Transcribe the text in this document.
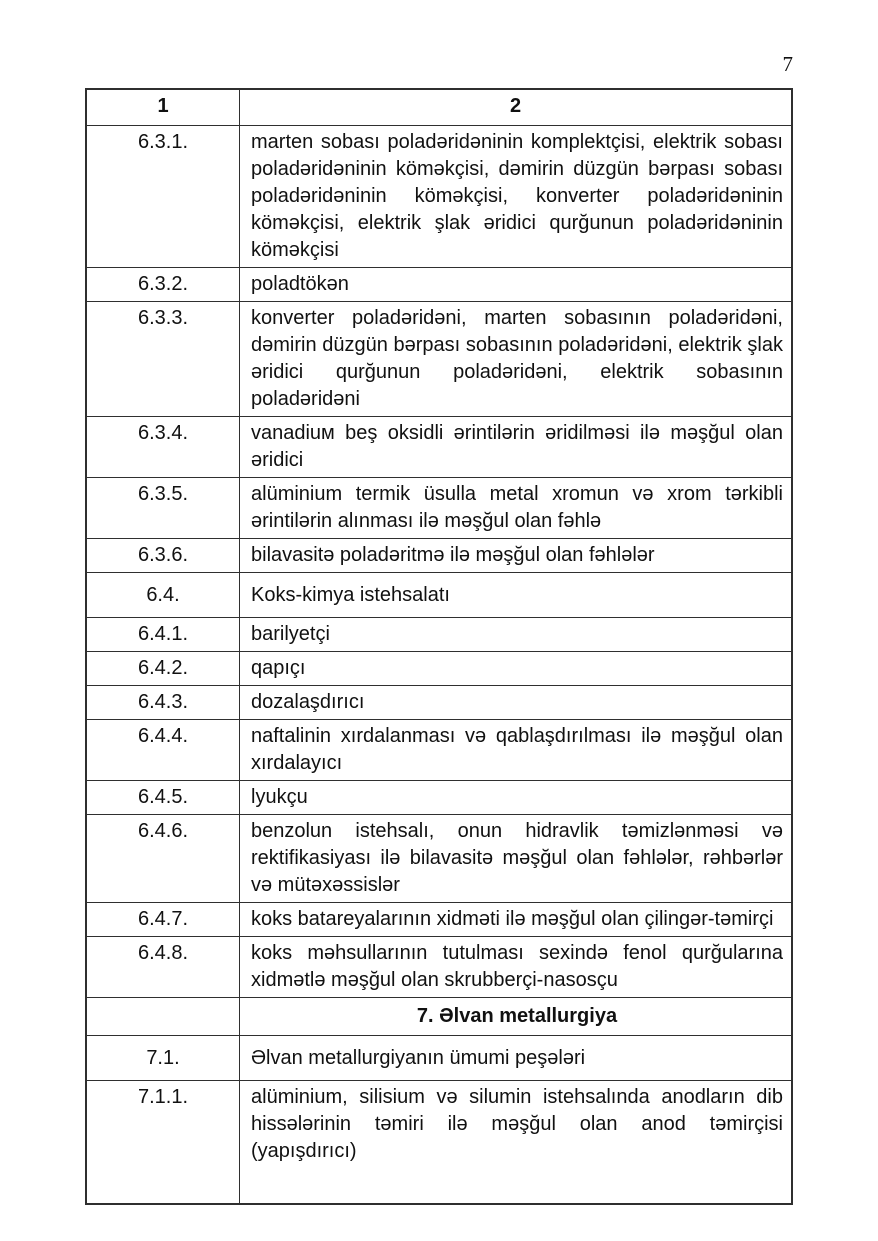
7
1	2
6.3.1.	marten sobası poladəridəninin komplektçisi, elektrik sobası poladəridəninin köməkçisi, dəmirin düzgün bərpası sobası poladəridəninin köməkçisi, konverter poladəridəninin köməkçisi, elektrik şlak əridici qurğunun poladəridəninin köməkçisi
6.3.2.	poladtökən
6.3.3.	konverter poladəridəni, marten sobasının poladəridəni, dəmirin düzgün bərpası sobasının poladəridəni, elektrik şlak əridici qurğunun poladəridəni, elektrik sobasının poladəridəni
6.3.4.	vanadiuм beş oksidli ərintilərin əridilməsi ilə məşğul olan əridici
6.3.5.	alüminium termik üsulla metal xromun və xrom tərkibli ərintilərin alınması ilə məşğul olan fəhlə
6.3.6.	bilavasitə poladəritmə ilə məşğul olan fəhlələr
6.4.	Koks-kimya istehsalatı
6.4.1.	barilyetçi
6.4.2.	qapıçı
6.4.3.	dozalaşdırıcı
6.4.4.	naftalinin xırdalanması və qablaşdırılması ilə məşğul olan xırdalayıcı
6.4.5.	lyukçu
6.4.6.	benzolun istehsalı, onun hidravlik təmizlənməsi və rektifikasiyası ilə bilavasitə məşğul olan fəhlələr, rəhbərlər və mütəxəssislər
6.4.7.	koks batareyalarının xidməti ilə məşğul olan çilingər-təmirçi
6.4.8.	koks məhsullarının tutulması sexində fenol qurğularına xidmətlə məşğul olan skrubberçi-nasosçu
	7. Əlvan metallurgiya
7.1.	Əlvan metallurgiyanın ümumi peşələri
7.1.1.	alüminium, silisium və silumin istehsalında anodların dib hissələrinin təmiri ilə məşğul olan anod təmirçisi (yapışdırıcı)
